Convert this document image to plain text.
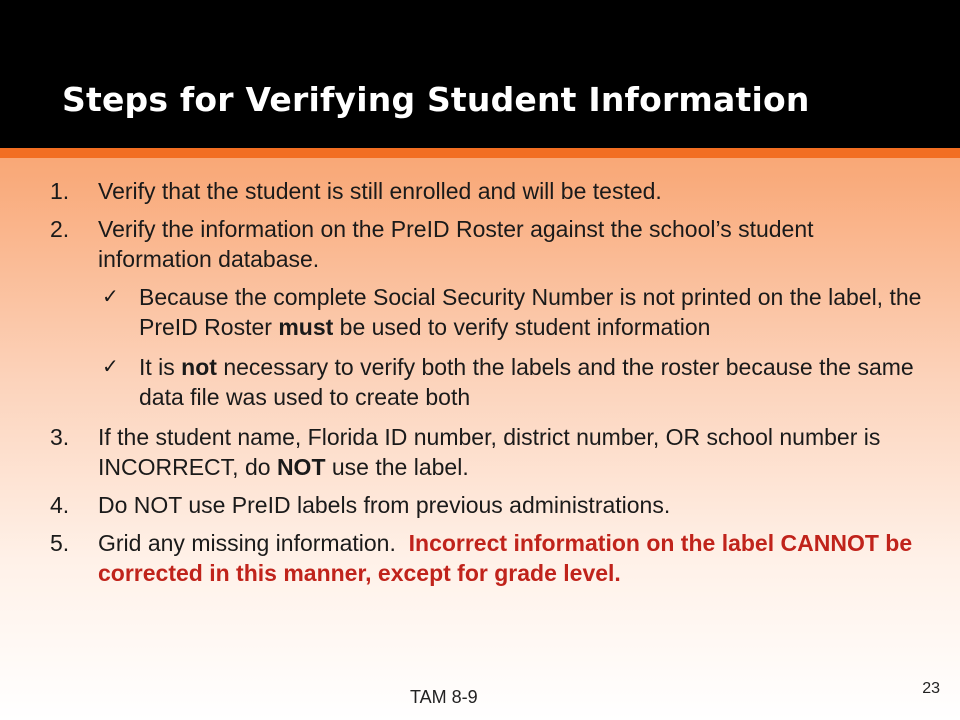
Steps for Verifying Student Information
1.	Verify that the student is still enrolled and will be tested.
2.	Verify the information on the PreID Roster against the school’s student information database.
✓ Because the complete Social Security Number is not printed on the label, the PreID Roster must be used to verify student information
✓ It is not necessary to verify both the labels and the roster because the same data file was used to create both
3.	If the student name, Florida ID number, district number, OR school number is INCORRECT, do NOT use the label.
4.	Do NOT use PreID labels from previous administrations.
5.	Grid any missing information.  Incorrect information on the label CANNOT be corrected in this manner, except for grade level.
TAM 8-9	23
